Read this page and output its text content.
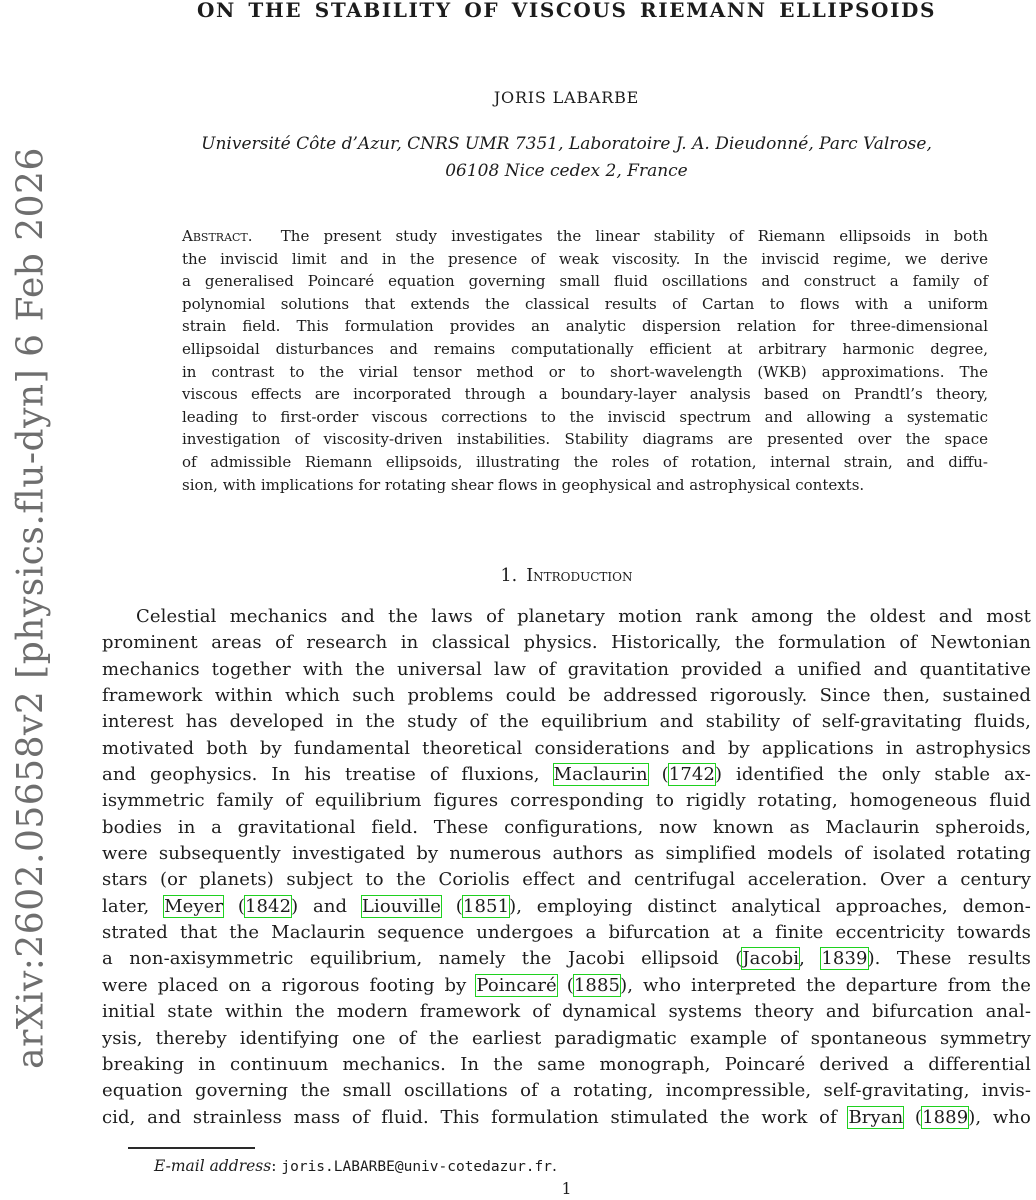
arXiv:2602.05658v2 [physics.flu-dyn] 6 Feb 2026
ON THE STABILITY OF VISCOUS RIEMANN ELLIPSOIDS
JORIS LABARBE
Université Côte d’Azur, CNRS UMR 7351, Laboratoire J. A. Dieudonné, Parc Valrose,
06108 Nice cedex 2, France
Abstract.  The present study investigates the linear stability of Riemann ellipsoids in both
the inviscid limit and in the presence of weak viscosity. In the inviscid regime, we derive
a generalised Poincaré equation governing small fluid oscillations and construct a family of
polynomial solutions that extends the classical results of Cartan to flows with a uniform
strain field. This formulation provides an analytic dispersion relation for three-dimensional
ellipsoidal disturbances and remains computationally efficient at arbitrary harmonic degree,
in contrast to the virial tensor method or to short-wavelength (WKB) approximations. The
viscous effects are incorporated through a boundary-layer analysis based on Prandtl’s theory,
leading to first-order viscous corrections to the inviscid spectrum and allowing a systematic
investigation of viscosity-driven instabilities. Stability diagrams are presented over the space
of admissible Riemann ellipsoids, illustrating the roles of rotation, internal strain, and diffu-
sion, with implications for rotating shear flows in geophysical and astrophysical contexts.
1. Introduction
Celestial mechanics and the laws of planetary motion rank among the oldest and most
prominent areas of research in classical physics. Historically, the formulation of Newtonian
mechanics together with the universal law of gravitation provided a unified and quantitative
framework within which such problems could be addressed rigorously. Since then, sustained
interest has developed in the study of the equilibrium and stability of self-gravitating fluids,
motivated both by fundamental theoretical considerations and by applications in astrophysics
and geophysics. In his treatise of fluxions, Maclaurin (1742) identified the only stable ax-
isymmetric family of equilibrium figures corresponding to rigidly rotating, homogeneous fluid
bodies in a gravitational field. These configurations, now known as Maclaurin spheroids,
were subsequently investigated by numerous authors as simplified models of isolated rotating
stars (or planets) subject to the Coriolis effect and centrifugal acceleration. Over a century
later, Meyer (1842) and Liouville (1851), employing distinct analytical approaches, demon-
strated that the Maclaurin sequence undergoes a bifurcation at a finite eccentricity towards
a non-axisymmetric equilibrium, namely the Jacobi ellipsoid (Jacobi, 1839). These results
were placed on a rigorous footing by Poincaré (1885), who interpreted the departure from the
initial state within the modern framework of dynamical systems theory and bifurcation anal-
ysis, thereby identifying one of the earliest paradigmatic example of spontaneous symmetry
breaking in continuum mechanics. In the same monograph, Poincaré derived a differential
equation governing the small oscillations of a rotating, incompressible, self-gravitating, invis-
cid, and strainless mass of fluid. This formulation stimulated the work of Bryan (1889), who
E-mail address: joris.LABARBE@univ-cotedazur.fr.
1
